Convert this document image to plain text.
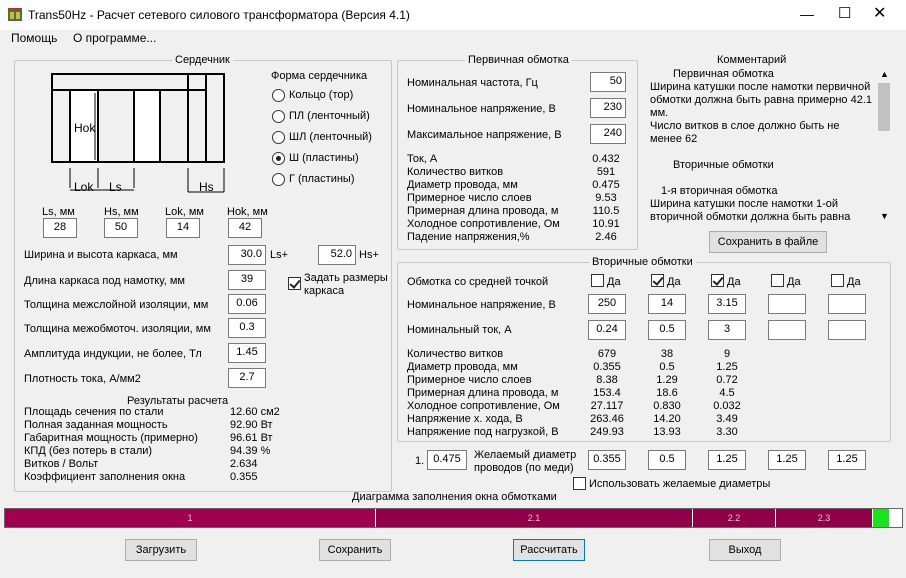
Trans50Hz - Расчет сетевого силового трансформатора (Версия 4.1)	— ☐ ✕
Помощь О программе...
Сердечник
Hok
Lok Ls	Hs
Ls, мм
28
Hs, мм
50
Lok, мм
14
Hok, мм
42
Форма сердечника
Кольцо (тор)
ПЛ (ленточный)
ШЛ (ленточный)
Ш (пластины)
Г (пластины)
Ширина и высота каркаса, мм	30.0 Ls+	52.0 Hs+
Длина каркаса под намотку, мм	39	Задать размеры каркаса
Толщина межслойной изоляции, мм	0.06
Толщина межобмоточ. изоляции, мм	0.3
Амплитуда индукции, не более, Тл	1.45
Плотность тока, А/мм2	2.7
Результаты расчета
Площадь сечения по стали	12.60 см2
Полная заданная мощность	92.90 Вт
Габаритная мощность (примерно)	96.61 Вт
КПД (без потерь в стали)	94.39 %
Витков / Вольт	2.634
Коэффициент заполнения окна	0.355
Первичная обмотка
Номинальная частота, Гц	50
Номинальное напряжение, В	230
Максимальное напряжение, В	240
Ток, А	0.432
Количество витков	591
Диаметр провода, мм	0.475
Примерное число слоев	9.53
Примерная длина провода, м	110.5
Холодное сопротивление, Ом	10.91
Падение напряжения,%	2.46
Комментарий
Первичная обмотка
Ширина катушки после намотки первичной
обмотки должна быть равна примерно 42.1
мм.
Число витков в слое должно быть не
менее 62
Вторичные обмотки
1-я вторичная обмотка
Ширина катушки после намотки 1-ой
вторичной обмотки должна быть равна
▲
▼
Сохранить в файле
Вторичные обмотки
Обмотка со средней точкой	Да	Да	Да	Да	Да
Номинальное напряжение, В	250	14	3.15
Номинальный ток, А	0.24	0.5	3
Количество витков	679	38	9
Диаметр провода, мм	0.355	0.5	1.25
Примерное число слоев	8.38	1.29	0.72
Примерная длина провода, м	153.4	18.6	4.5
Холодное сопротивление, Ом	27.117	0.830	0.032
Напряжение х. хода, В	263.46	14.20	3.49
Напряжение под нагрузкой, В	249.93	13.93	3.30
1. 0.475	Желаемый диаметр проводов (по меди)
0.355	0.5	1.25	1.25	1.25
Использовать желаемые диаметры
Диаграмма заполнения окна обмотками
1	2.1	2.2	2.3
Загрузить	Сохранить	Рассчитать	Выход
